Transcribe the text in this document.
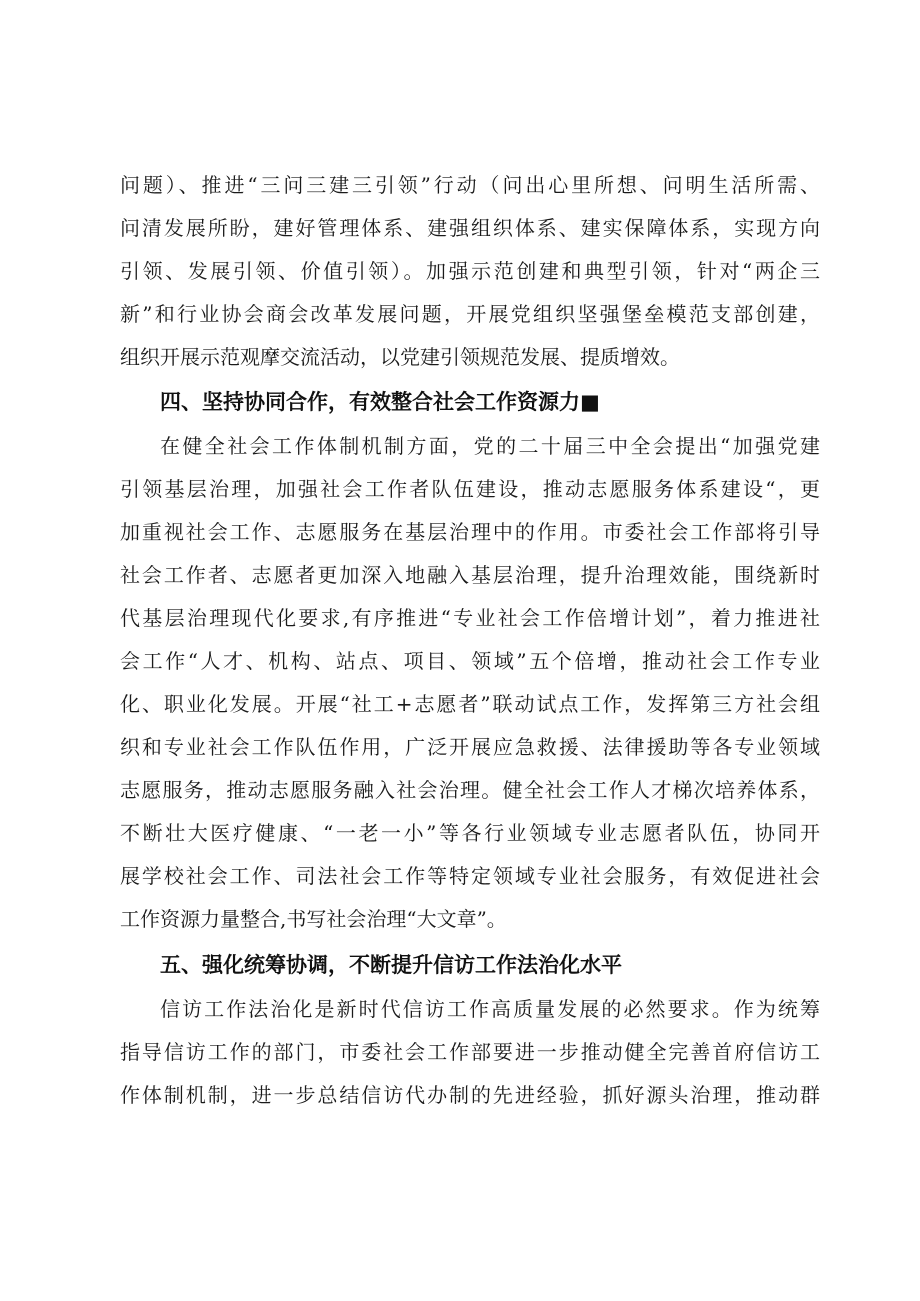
问题）、推进“三问三建三引领”行动（问出心里所想、问明生活所需、
问清发展所盼，建好管理体系、建强组织体系、建实保障体系，实现方向
引领、发展引领、价值引领）。加强示范创建和典型引领，针对“两企三
新”和行业协会商会改革发展问题，开展党组织坚强堡垒模范支部创建，
组织开展示范观摩交流活动，以党建引领规范发展、提质增效。
四、坚持协同合作，有效整合社会工作资源力■
在健全社会工作体制机制方面，党的二十届三中全会提出“加强党建
引领基层治理，加强社会工作者队伍建设，推动志愿服务体系建设“，更
加重视社会工作、志愿服务在基层治理中的作用。市委社会工作部将引导
社会工作者、志愿者更加深入地融入基层治理，提升治理效能，围绕新时
代基层治理现代化要求,有序推进“专业社会工作倍增计划”，着力推进社
会工作“人才、机构、站点、项目、领域”五个倍增，推动社会工作专业
化、职业化发展。开展“社工+志愿者”联动试点工作，发挥第三方社会组
织和专业社会工作队伍作用，广泛开展应急救援、法律援助等各专业领域
志愿服务，推动志愿服务融入社会治理。健全社会工作人才梯次培养体系，
不断壮大医疗健康、“一老一小”等各行业领域专业志愿者队伍，协同开
展学校社会工作、司法社会工作等特定领域专业社会服务，有效促进社会
工作资源力量整合,书写社会治理“大文章”。
五、强化统筹协调，不断提升信访工作法治化水平
信访工作法治化是新时代信访工作高质量发展的必然要求。作为统筹
指导信访工作的部门，市委社会工作部要进一步推动健全完善首府信访工
作体制机制，进一步总结信访代办制的先进经验，抓好源头治理，推动群
